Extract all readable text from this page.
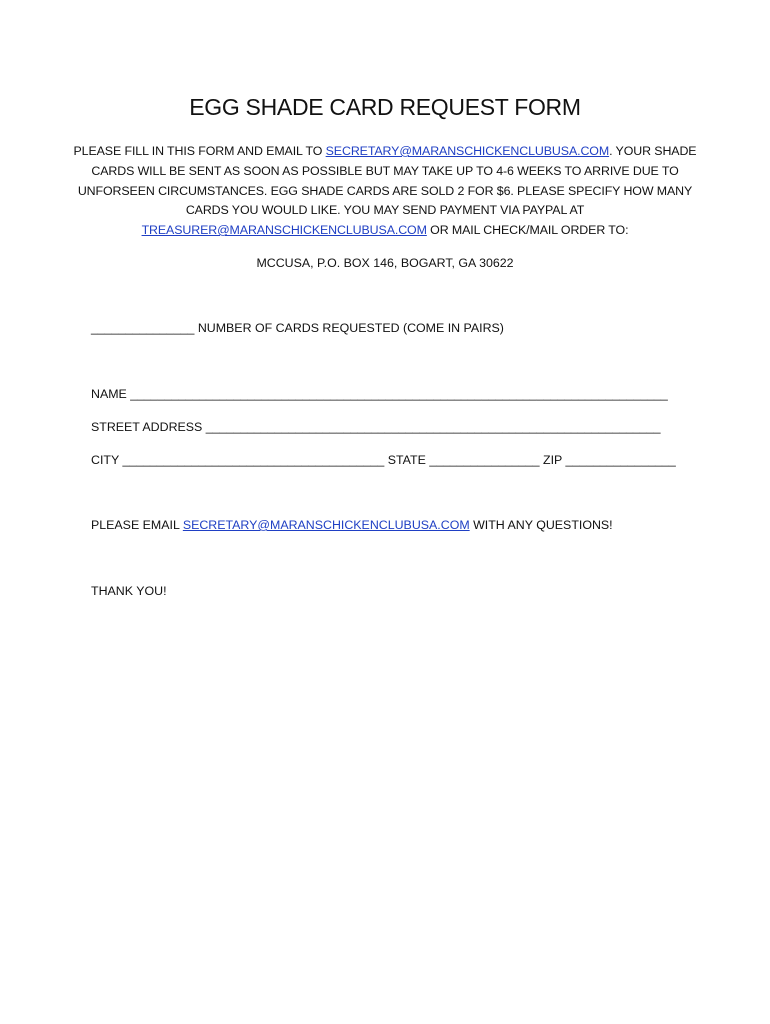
EGG SHADE CARD REQUEST FORM
PLEASE FILL IN THIS FORM AND EMAIL TO SECRETARY@MARANSCHICKENCLUBUSA.COM. YOUR SHADE
CARDS WILL BE SENT AS SOON AS POSSIBLE BUT MAY TAKE UP TO 4-6 WEEKS TO ARRIVE DUE TO
UNFORSEEN CIRCUMSTANCES. EGG SHADE CARDS ARE SOLD 2 FOR $6. PLEASE SPECIFY HOW MANY
CARDS YOU WOULD LIKE. YOU MAY SEND PAYMENT VIA PAYPAL AT
TREASURER@MARANSCHICKENCLUBUSA.COM OR MAIL CHECK/MAIL ORDER TO:
MCCUSA, P.O. BOX 146, BOGART, GA 30622
_______________ NUMBER OF CARDS REQUESTED (COME IN PAIRS)
NAME ______________________________________________________________________________
STREET ADDRESS __________________________________________________________________
CITY ______________________________________ STATE ________________ ZIP ________________
PLEASE EMAIL SECRETARY@MARANSCHICKENCLUBUSA.COM WITH ANY QUESTIONS!
THANK YOU!
